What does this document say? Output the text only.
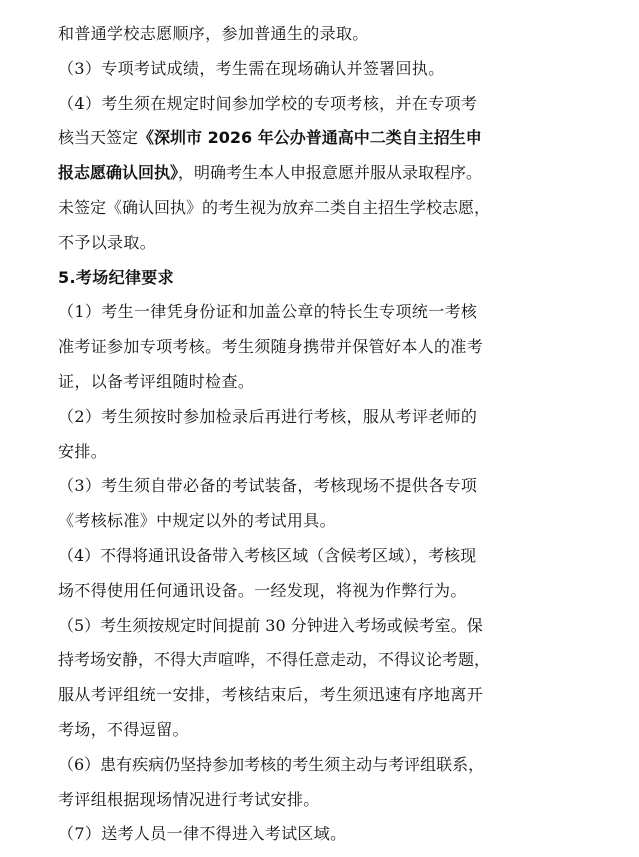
和普通学校志愿顺序，参加普通生的录取。
（3）专项考试成绩，考生需在现场确认并签署回执。
（4）考生须在规定时间参加学校的专项考核，并在专项考
核当天签定《深圳市 2026 年公办普通高中二类自主招生申
报志愿确认回执》，明确考生本人申报意愿并服从录取程序。
未签定《确认回执》的考生视为放弃二类自主招生学校志愿，
不予以录取。
5.考场纪律要求
（1）考生一律凭身份证和加盖公章的特长生专项统一考核
准考证参加专项考核。考生须随身携带并保管好本人的准考
证，以备考评组随时检查。
（2）考生须按时参加检录后再进行考核，服从考评老师的
安排。
（3）考生须自带必备的考试装备，考核现场不提供各专项
《考核标准》中规定以外的考试用具。
（4）不得将通讯设备带入考核区域（含候考区域），考核现
场不得使用任何通讯设备。一经发现，将视为作弊行为。
（5）考生须按规定时间提前 30 分钟进入考场或候考室。保
持考场安静，不得大声喧哗，不得任意走动，不得议论考题，
服从考评组统一安排，考核结束后，考生须迅速有序地离开
考场，不得逗留。
（6）患有疾病仍坚持参加考核的考生须主动与考评组联系，
考评组根据现场情况进行考试安排。
（7）送考人员一律不得进入考试区域。
